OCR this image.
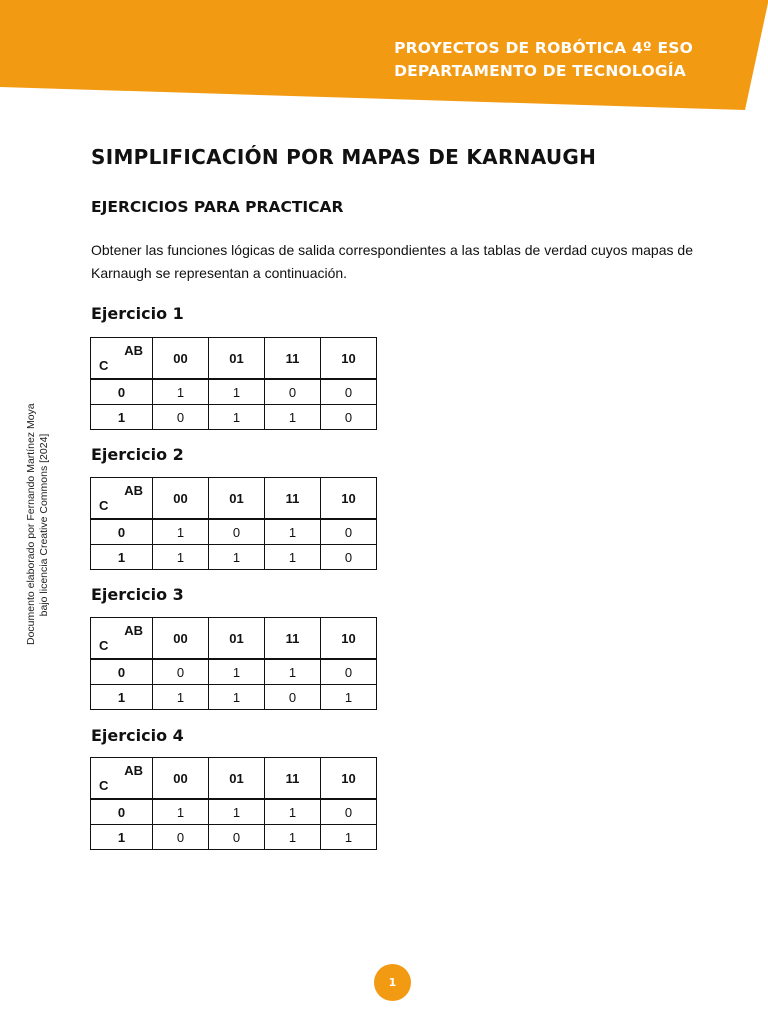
PROYECTOS DE ROBÓTICA 4º ESO
DEPARTAMENTO DE TECNOLOGÍA
Documento elaborado por Fernando Martínez Moya bajo licencia Creative Commons [2024]
SIMPLIFICACIÓN POR MAPAS DE KARNAUGH
EJERCICIOS PARA PRACTICAR

Obtener las funciones lógicas de salida correspondientes a las tablas de verdad cuyos mapas de Karnaugh se representan a continuación.

Ejercicio 1
AB
C	00	01	11	10
0	1	1	0	0
1	0	1	1	0
Ejercicio 2
AB
C	00	01	11	10
0	1	0	1	0
1	1	1	1	0
Ejercicio 3
AB
C	00	01	11	10
0	0	1	1	0
1	1	1	0	1
Ejercicio 4
AB
C	00	01	11	10
0	1	1	1	0
1	0	0	1	1
1
